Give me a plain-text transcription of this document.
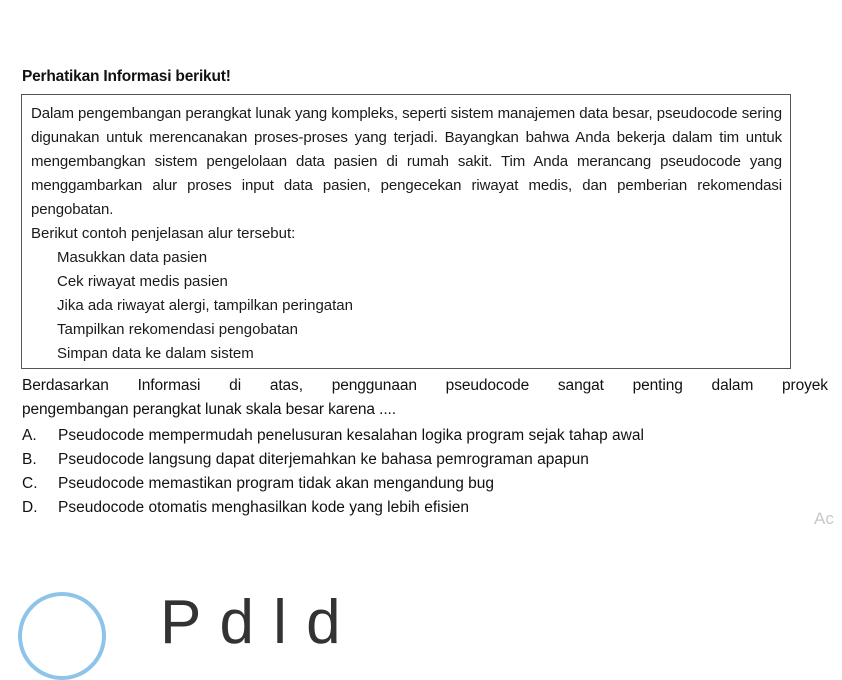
Perhatikan Informasi berikut!

Dalam pengembangan perangkat lunak yang kompleks, seperti sistem manajemen data besar, pseudocode sering digunakan untuk merencanakan proses-proses yang terjadi. Bayangkan bahwa Anda bekerja dalam tim untuk mengembangkan sistem pengelolaan data pasien di rumah sakit. Tim Anda merancang pseudocode yang menggambarkan alur proses input data pasien, pengecekan riwayat medis, dan pemberian rekomendasi pengobatan.

Berikut contoh penjelasan alur tersebut:

Masukkan data pasien
Cek riwayat medis pasien
Jika ada riwayat alergi, tampilkan peringatan
Tampilkan rekomendasi pengobatan
Simpan data ke dalam sistem
Berdasarkan Informasi di atas, penggunaan pseudocode sangat penting dalam proyek
pengembangan perangkat lunak skala besar karena ....
A.	Pseudocode mempermudah penelusuran kesalahan logika program sejak tahap awal
B.	Pseudocode langsung dapat diterjemahkan ke bahasa pemrograman apapun
C.	Pseudocode memastikan program tidak akan mengandung bug
D.	Pseudocode otomatis menghasilkan kode yang lebih efisien
Ac
P d l d
